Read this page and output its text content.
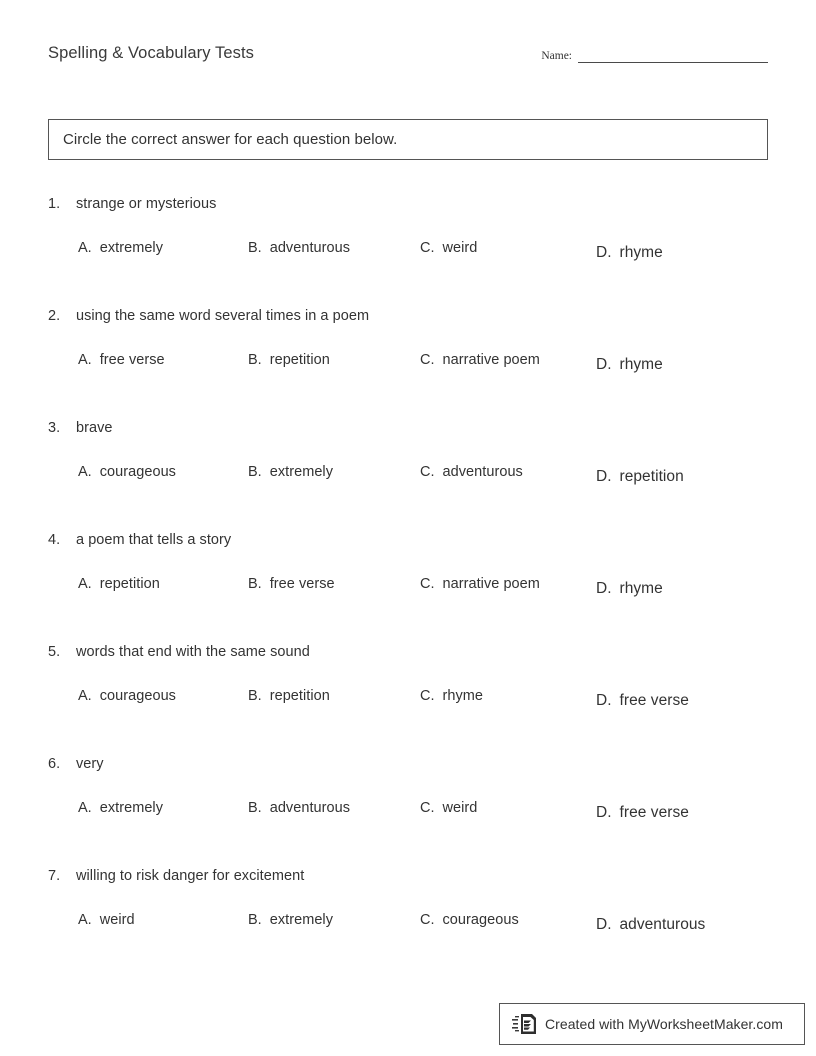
Spelling & Vocabulary Tests	Name:
Circle the correct answer for each question below.
1.	strange or mysterious
A. extremely	B. adventurous	C. weird	D. rhyme
2.	using the same word several times in a poem
A. free verse	B. repetition	C. narrative poem	D. rhyme
3.	brave
A. courageous	B. extremely	C. adventurous	D. repetition
4.	a poem that tells a story
A. repetition	B. free verse	C. narrative poem	D. rhyme
5.	words that end with the same sound
A. courageous	B. repetition	C. rhyme	D. free verse
6.	very
A. extremely	B. adventurous	C. weird	D. free verse
7.	willing to risk danger for excitement
A. weird	B. extremely	C. courageous	D. adventurous
Created with MyWorksheetMaker.com
